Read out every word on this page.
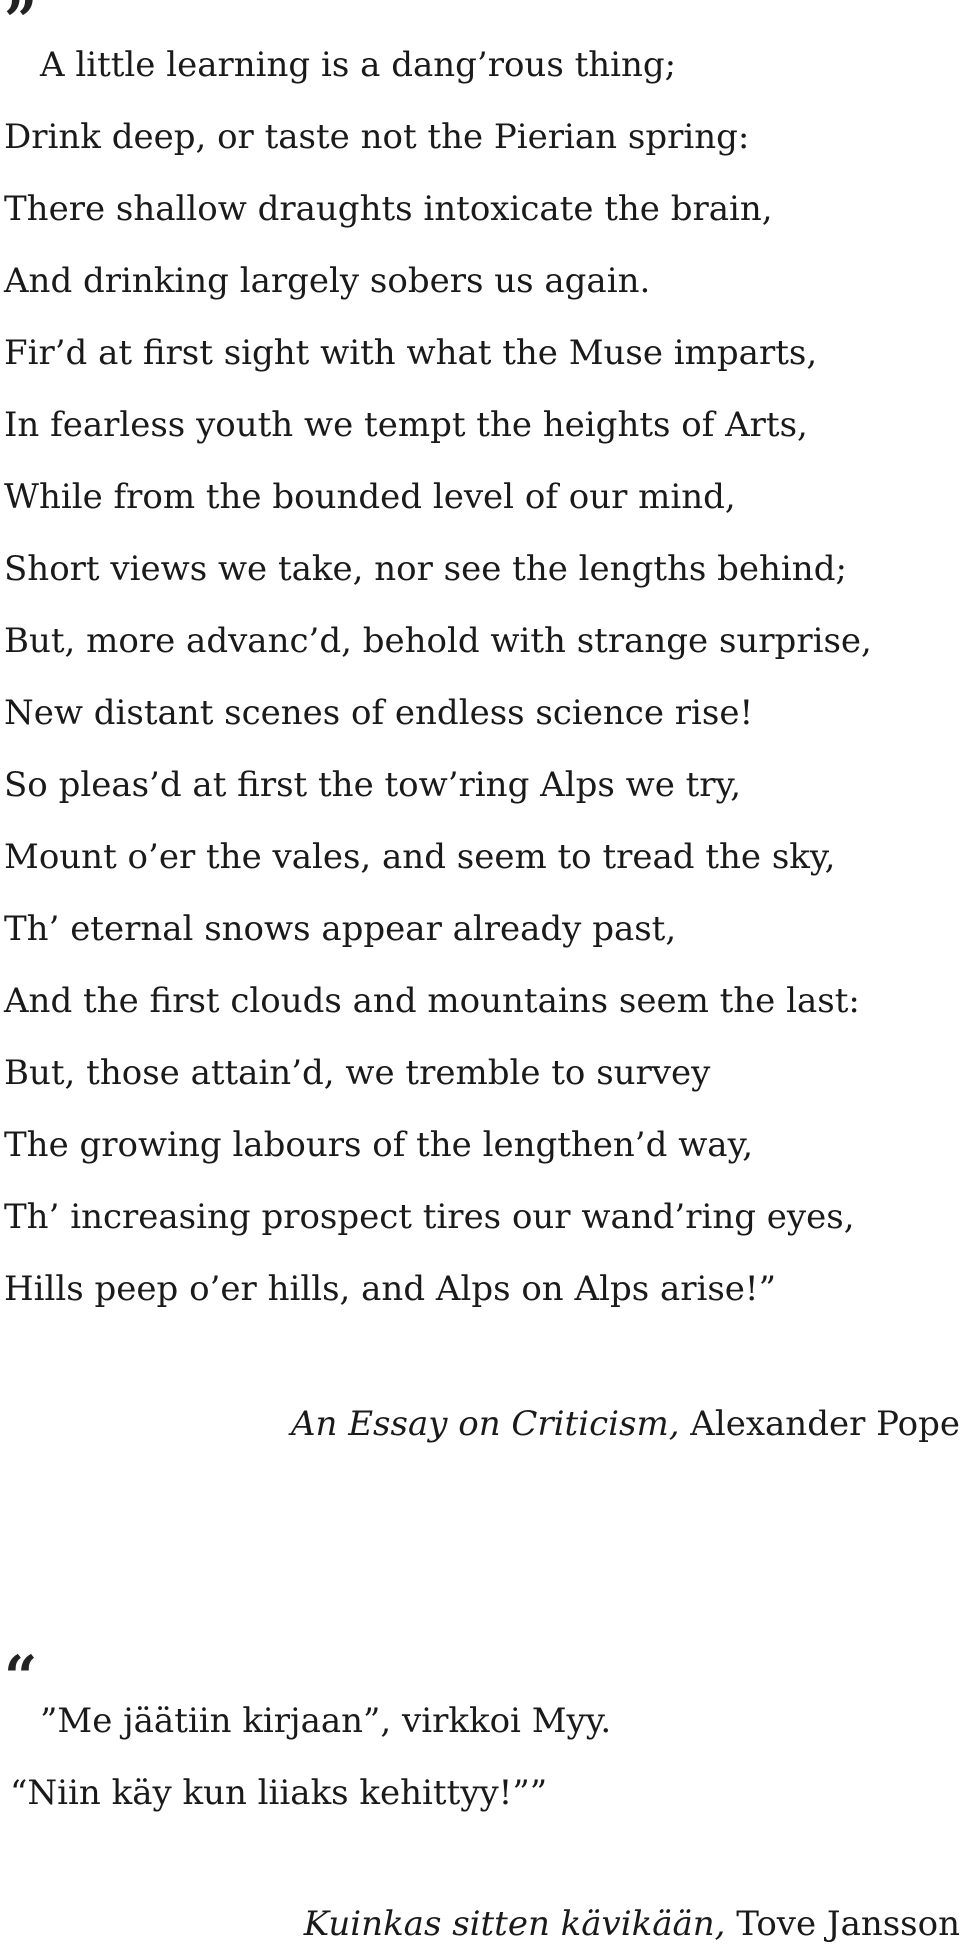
”
A little learning is a dang’rous thing;
Drink deep, or taste not the Pierian spring:
There shallow draughts intoxicate the brain,
And drinking largely sobers us again.
Fir’d at first sight with what the Muse imparts,
In fearless youth we tempt the heights of Arts,
While from the bounded level of our mind,
Short views we take, nor see the lengths behind;
But, more advanc’d, behold with strange surprise,
New distant scenes of endless science rise!
So pleas’d at first the tow’ring Alps we try,
Mount o’er the vales, and seem to tread the sky,
Th’ eternal snows appear already past,
And the first clouds and mountains seem the last:
But, those attain’d, we tremble to survey
The growing labours of the lengthen’d way,
Th’ increasing prospect tires our wand’ring eyes,
Hills peep o’er hills, and Alps on Alps arise!”
An Essay on Criticism, Alexander Pope
“
”Me jäätiin kirjaan”, virkkoi Myy.
“Niin käy kun liiaks kehittyy!””
Kuinkas sitten kävikään, Tove Jansson
